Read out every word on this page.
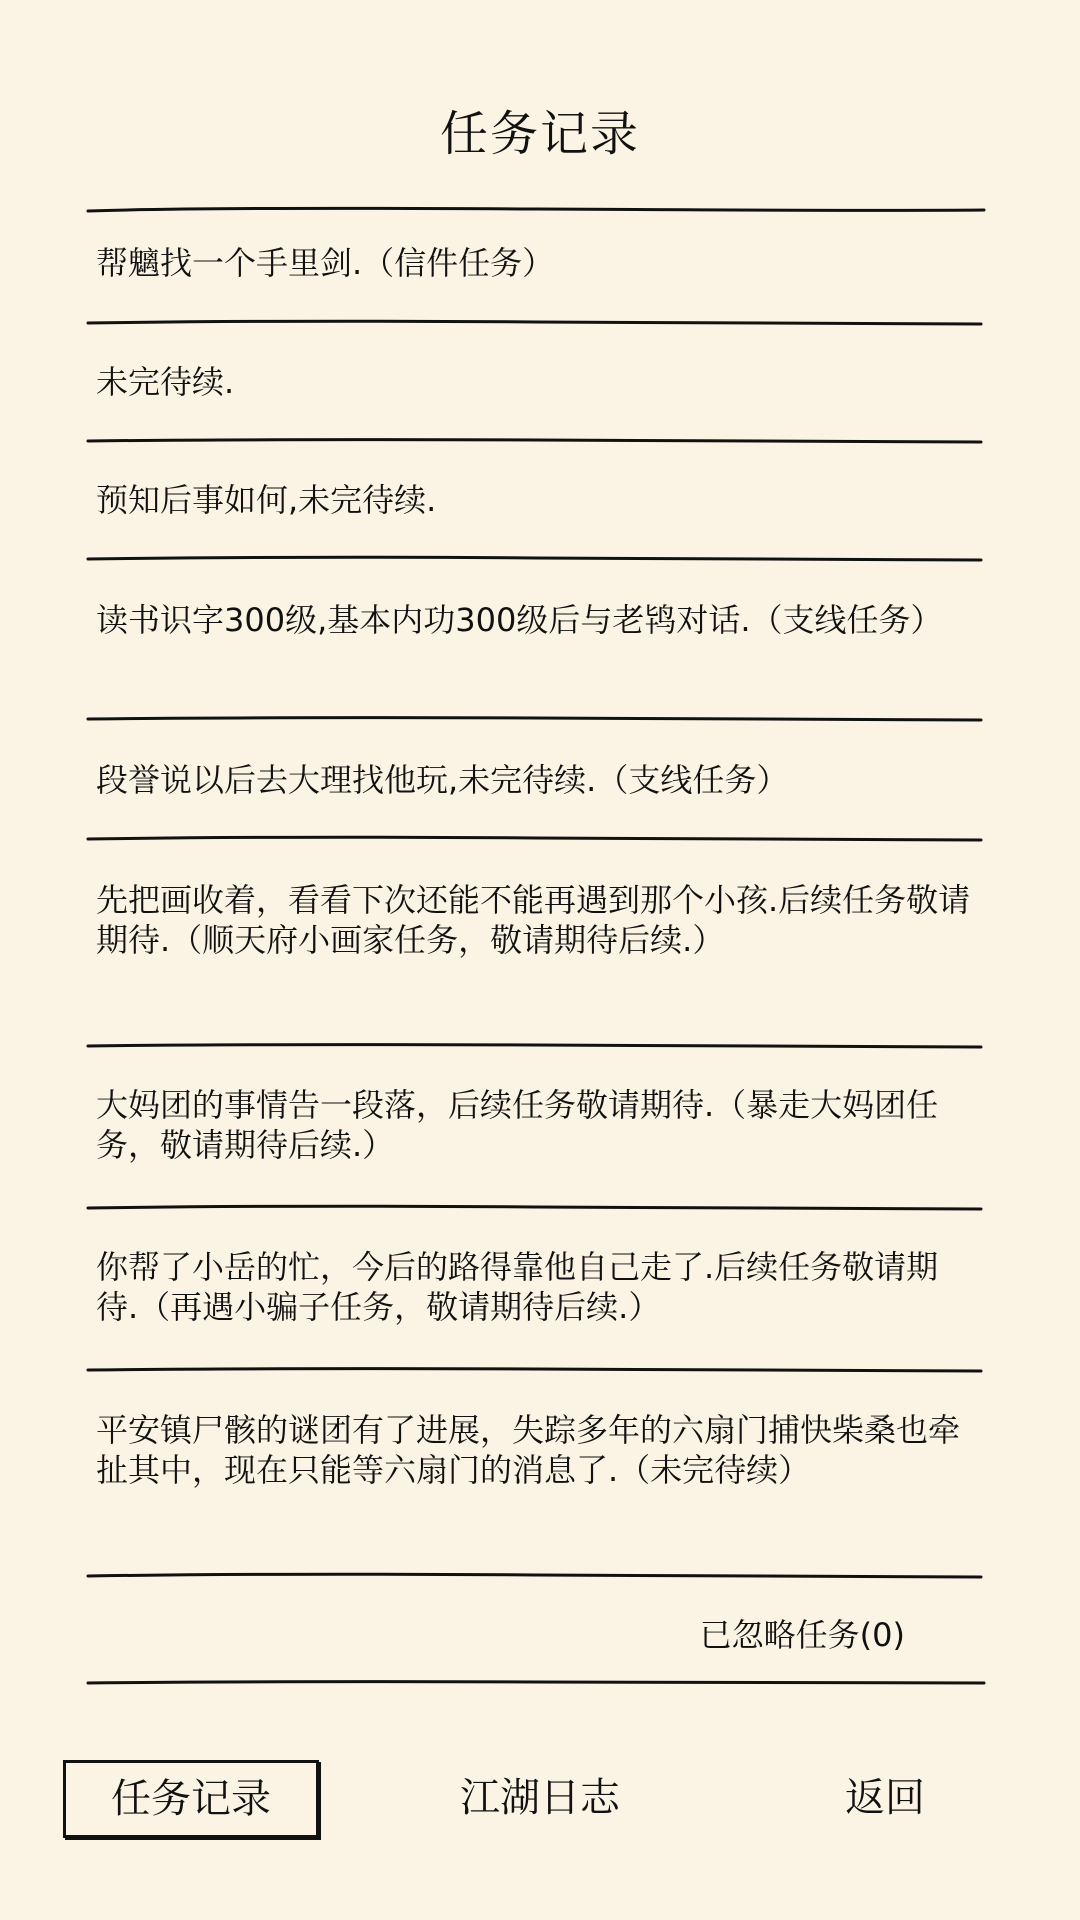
任务记录
帮魑找一个手里剑.（信件任务）
未完待续.
预知后事如何,未完待续.
读书识字300级,基本内功300级后与老鸨对话.（支线任务）
段誉说以后去大理找他玩,未完待续.（支线任务）
先把画收着，看看下次还能不能再遇到那个小孩.后续任务敬请期待.（顺天府小画家任务，敬请期待后续.）
大妈团的事情告一段落，后续任务敬请期待.（暴走大妈团任务，敬请期待后续.）
你帮了小岳的忙，今后的路得靠他自己走了.后续任务敬请期待.（再遇小骗子任务，敬请期待后续.）
平安镇尸骸的谜团有了进展，失踪多年的六扇门捕快柴桑也牵扯其中，现在只能等六扇门的消息了.（未完待续）
已忽略任务(0)
任务记录	江湖日志	返回
